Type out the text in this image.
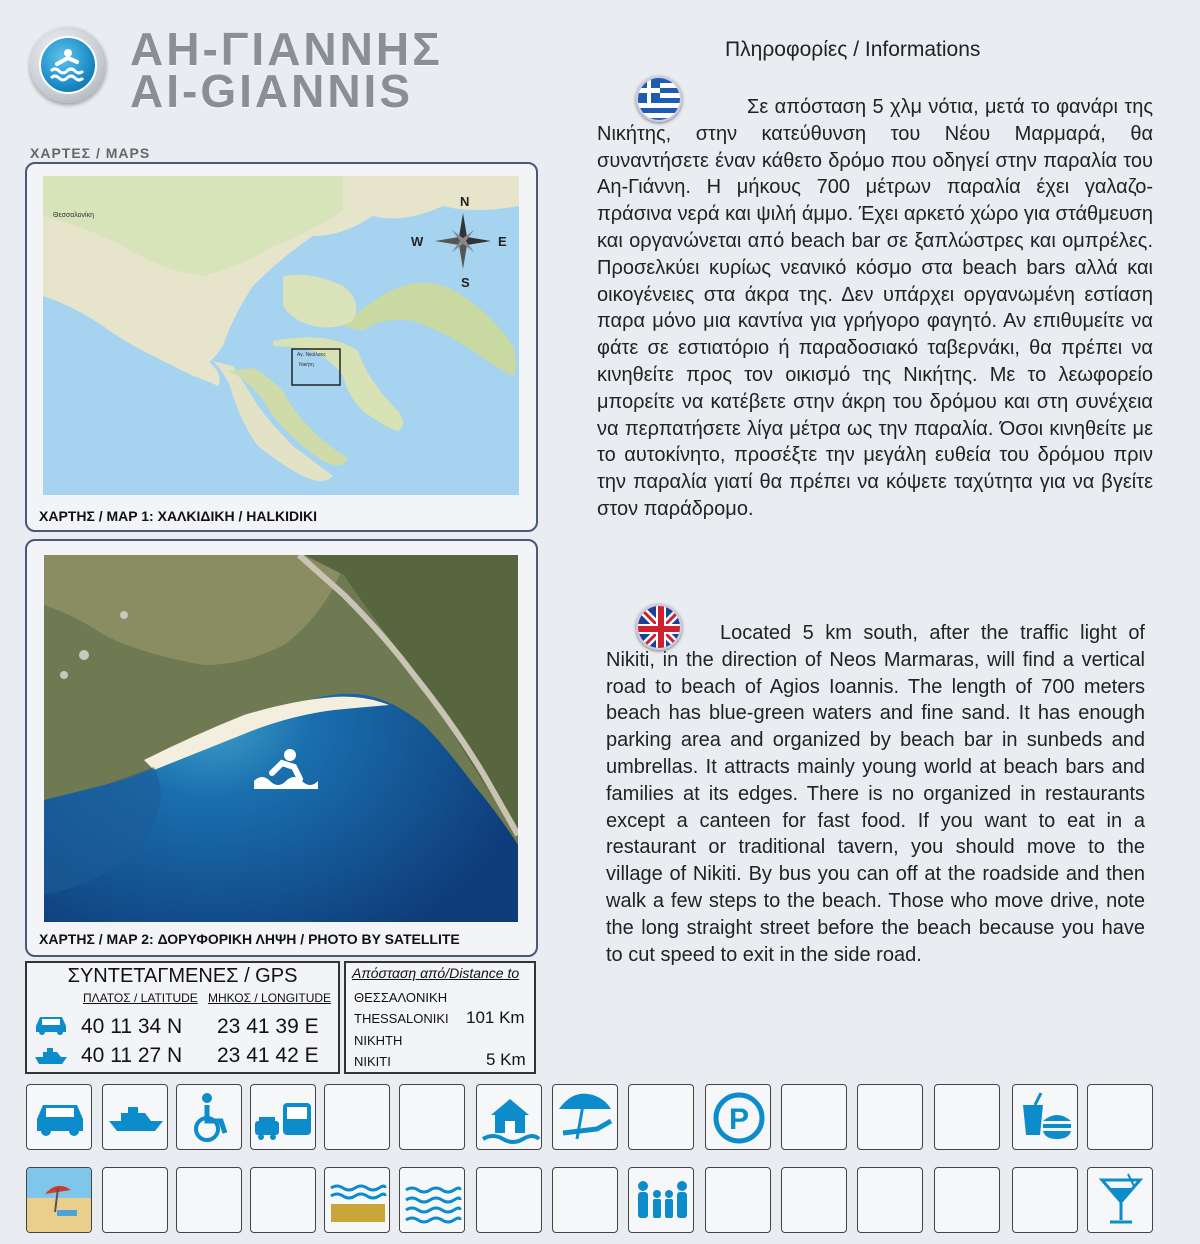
ΑΗ-ΓΙΑΝΝΗΣ
AI-GIANNIS
ΧΑΡΤΕΣ / MAPS
N
S
E
W
Θεσσαλονίκη
Νικήτη
Αγ. Νικόλαος
ΧΑΡΤΗΣ / MAP 1: ΧΑΛΚΙΔΙΚΗ / HALKIDIKI
ΧΑΡΤΗΣ / MAP 2: ΔΟΡΥΦΟΡΙΚΗ ΛΗΨΗ / PHOTO BY SATELLITE
ΣΥΝΤΕΤΑΓΜΕΝΕΣ / GPS
ΠΛΑΤΟΣ / LATITUDE ΜΗΚΟΣ / LONGITUDE
40 11 34 N 23 41 39 E
40 11 27 N 23 41 42 E
Απόσταση από/Distance to
ΘΕΣΣΑΛΟΝΙΚΗ
THESSALONIKI 101 Km
ΝΙΚΗΤΗ
NIKITI	5 Km
Πληροφορίες / Informations
Σε απόσταση 5 χλμ νότια, μετά το φανάρι της Νικήτης, στην κατεύθυνση του Νέου Μαρμαρά, θα συναντήσετε έναν κάθετο δρόμο που οδηγεί στην παραλία του Αη-Γιάννη. Η μήκους 700 μέτρων παραλία έχει γαλαζο-πράσινα νερά και ψιλή άμμο. Έχει αρκετό χώρο για στάθμευση και οργανώνεται από beach bar σε ξαπλώστρες και ομπρέλες. Προσελκύει κυρίως νεανικό κόσμο στα beach bars αλλά και οικογένειες στα άκρα της. Δεν υπάρχει οργανωμένη εστίαση παρα μόνο μια καντίνα για γρήγορο φαγητό. Αν επιθυμείτε να φάτε σε εστιατόριο ή παραδοσιακό ταβερνάκι, θα πρέπει να κινηθείτε προς τον οικισμό της Νικήτης. Με το λεωφορείο μπορείτε να κατέβετε στην άκρη του δρόμου και στη συνέχεια να περπατήσετε λίγα μέτρα ως την παραλία. Όσοι κινηθείτε με το αυτοκίνητο, προσέξτε την μεγάλη ευθεία του δρόμου πριν την παραλία γιατί θα πρέπει να κόψετε ταχύτητα για να βγείτε στον παράδρομο.
Located 5 km south, after the traffic light of Nikiti, in the direction of Neos Marmaras, will find a vertical road to beach of Agios Ioannis. The length of 700 meters beach has blue-green waters and fine sand. It has enough parking area and organized by beach bar in sunbeds and umbrellas. It attracts mainly young world at beach bars and families at its edges. There is no organized in restaurants except a canteen for fast food. If you want to eat in a restaurant or traditional tavern, you should move to the village of Nikiti. By bus you can off at the roadside and then walk a few steps to the beach. Those who move drive, note the long straight street before the beach because you have to cut speed to exit in the side road.
P
